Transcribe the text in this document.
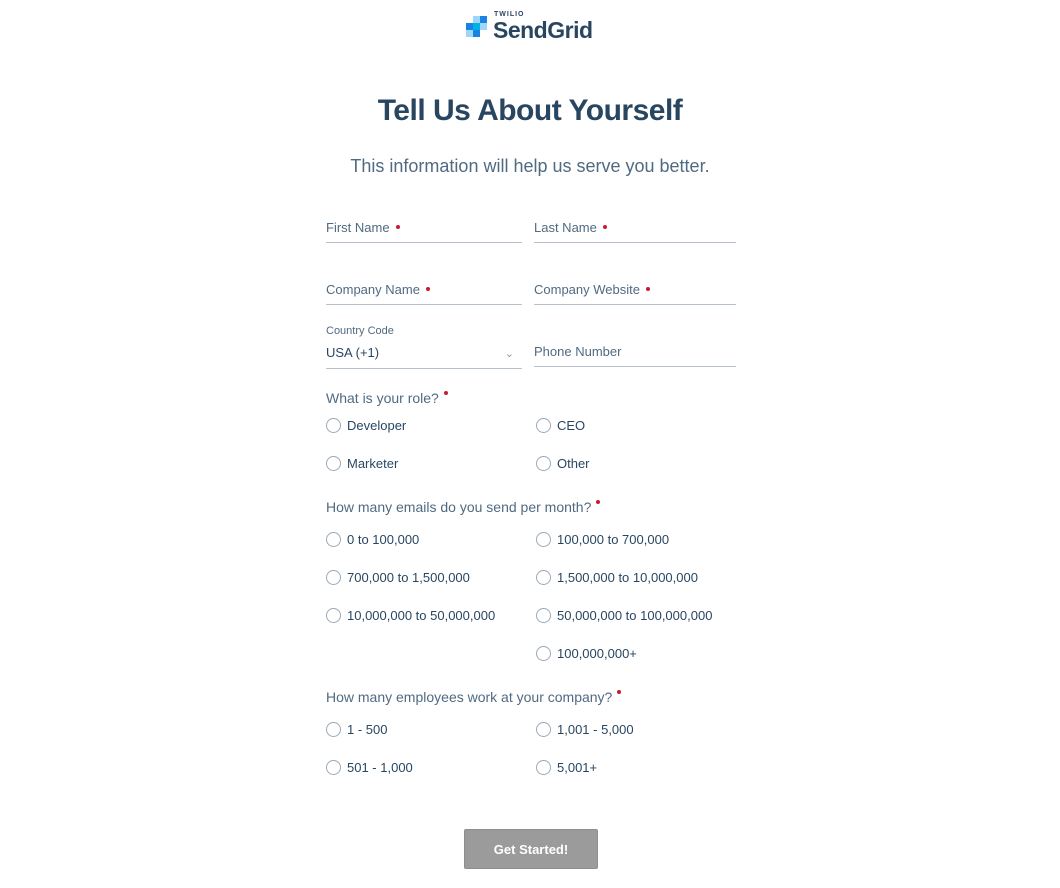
TWILIO
SendGrid
Tell Us About Yourself

This information will help us serve you better.

First Name	Last Name
Company Name	Company Website
Country Code
USA (+1)	⌄ Phone Number
What is your role?
Developer	CEO
Marketer	Other
How many emails do you send per month?
0 to 100,000	100,000 to 700,000
700,000 to 1,500,000	1,500,000 to 10,000,000
10,000,000 to 50,000,000	50,000,000 to 100,000,000
100,000,000+
How many employees work at your company?
1 - 500	1,001 - 5,000
501 - 1,000	5,001+
Get Started!
